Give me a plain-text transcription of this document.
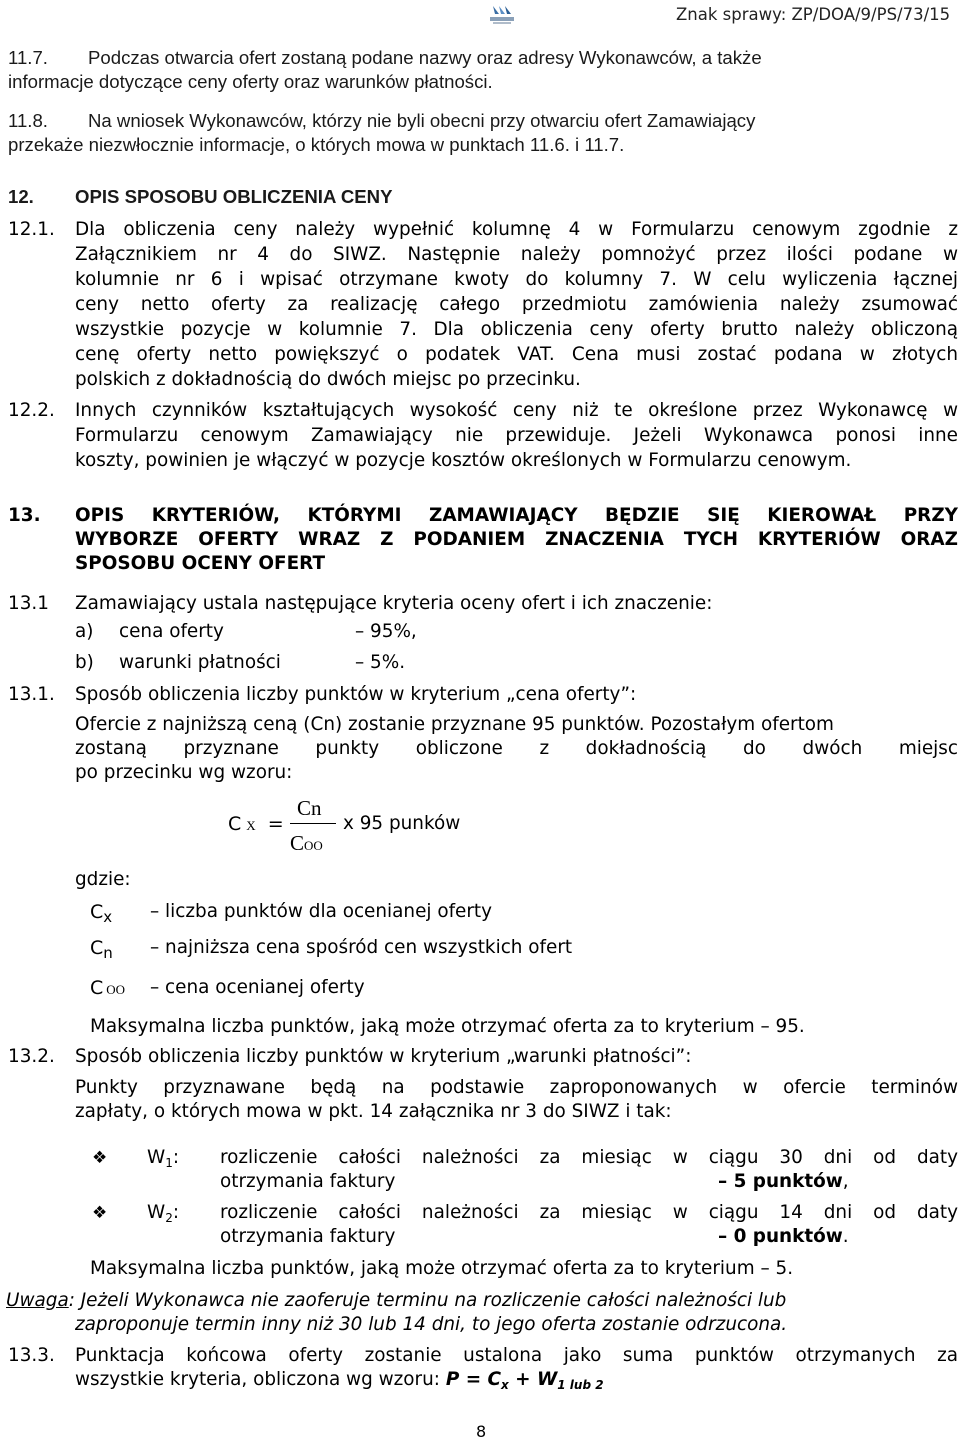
Znak sprawy: ZP/DOA/9/PS/73/15
11.7. Podczas otwarcia ofert zostaną podane nazwy oraz adresy Wykonawców, a także
informacje dotyczące ceny oferty oraz warunków płatności.
11.8. Na wniosek Wykonawców, którzy nie byli obecni przy otwarciu ofert Zamawiający
przekaże niezwłocznie informacje, o których mowa w punktach 11.6. i 11.7.
12. OPIS SPOSOBU OBLICZENIA CENY
12.1. Dla obliczenia ceny należy wypełnić kolumnę 4 w Formularzu cenowym zgodnie z
Załącznikiem nr 4 do SIWZ. Następnie należy pomnożyć przez ilości podane w
kolumnie nr 6 i wpisać otrzymane kwoty do kolumny 7. W celu wyliczenia łącznej
ceny netto oferty za realizację całego przedmiotu zamówienia należy zsumować
wszystkie pozycje w kolumnie 7. Dla obliczenia ceny oferty brutto należy obliczoną
cenę oferty netto powiększyć o podatek VAT. Cena musi zostać podana w złotych
polskich z dokładnością do dwóch miejsc po przecinku.
12.2. Innych czynników kształtujących wysokość ceny niż te określone przez Wykonawcę w
Formularzu cenowym Zamawiający nie przewiduje. Jeżeli Wykonawca ponosi inne
koszty, powinien je włączyć w pozycje kosztów określonych w Formularzu cenowym.
13. OPIS KRYTERIÓW, KTÓRYMI ZAMAWIAJĄCY BĘDZIE SIĘ KIEROWAŁ PRZY
WYBORZE OFERTY WRAZ Z PODANIEM ZNACZENIA TYCH KRYTERIÓW ORAZ
SPOSOBU OCENY OFERT
13.1 Zamawiający ustala następujące kryteria oceny ofert i ich znaczenie:
a) cena oferty	– 95%,
b) warunki płatności	– 5%.
13.1. Sposób obliczenia liczby punktów w kryterium „cena oferty”:
Ofercie z najniższą ceną (Cn) zostanie przyznane 95 punktów. Pozostałym ofertom
zostaną przyznane punkty obliczone z dokładnością do dwóch miejsc
po przecinku wg wzoru:
C X =
Cn
COO
x 95 punków
gdzie:
$C_x$ – liczba punktów dla ocenianej oferty
$C_n$ – najniższa cena spośród cen wszystkich ofert
C OO – cena ocenianej oferty
Maksymalna liczba punktów, jaką może otrzymać oferta za to kryterium – 95.
13.2. Sposób obliczenia liczby punktów w kryterium „warunki płatności”:
Punkty przyznawane będą na podstawie zaproponowanych w ofercie terminów
zapłaty, o których mowa w pkt. 14 załącznika nr 3 do SIWZ i tak:
❖ $W_1$: rozliczenie całości należności za miesiąc w ciągu 30 dni od daty
otrzymania faktury	– 5 punktów,
❖ $W_2$: rozliczenie całości należności za miesiąc w ciągu 14 dni od daty
otrzymania faktury	– 0 punktów.
Maksymalna liczba punktów, jaką może otrzymać oferta za to kryterium – 5.
Uwaga: Jeżeli Wykonawca nie zaoferuje terminu na rozliczenie całości należności lub
zaproponuje termin inny niż 30 lub 14 dni, to jego oferta zostanie odrzucona.
13.3. Punktacja końcowa oferty zostanie ustalona jako suma punktów otrzymanych za
wszystkie kryteria, obliczona wg wzoru: $P = C_x + W_{1 lub 2}$
8
